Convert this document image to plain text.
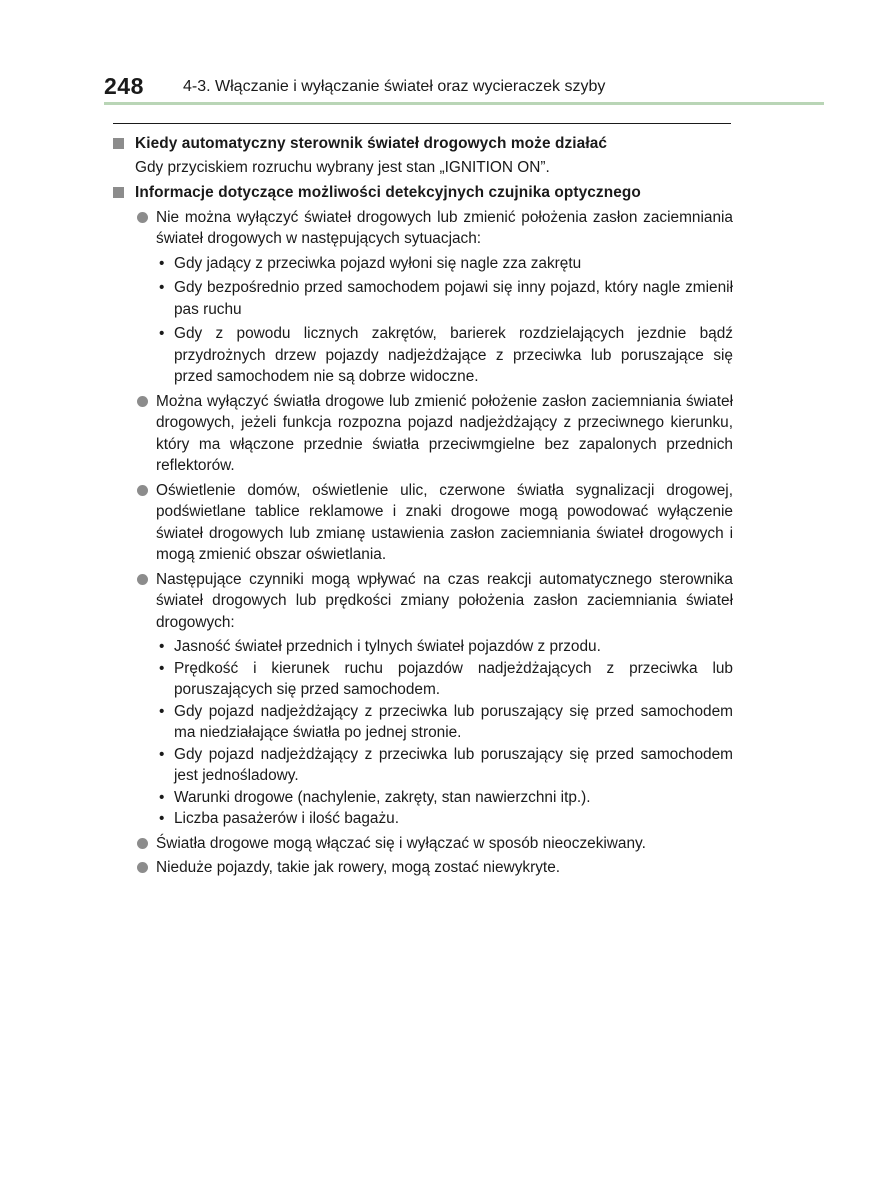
248 4-3. Włączanie i wyłączanie świateł oraz wycieraczek szyby
Kiedy automatyczny sterownik świateł drogowych może działać
Gdy przyciskiem rozruchu wybrany jest stan „IGNITION ON”.
Informacje dotyczące możliwości detekcyjnych czujnika optycznego
Nie można wyłączyć świateł drogowych lub zmienić położenia zasłon zaciemniania świateł drogowych w następujących sytuacjach:
• Gdy jadący z przeciwka pojazd wyłoni się nagle zza zakrętu
• Gdy bezpośrednio przed samochodem pojawi się inny pojazd, który nagle zmienił pas ruchu
• Gdy z powodu licznych zakrętów, barierek rozdzielających jezdnie bądź przydrożnych drzew pojazdy nadjeżdżające z przeciwka lub poruszające się przed samochodem nie są dobrze widoczne.
Można wyłączyć światła drogowe lub zmienić położenie zasłon zaciemniania świateł drogowych, jeżeli funkcja rozpozna pojazd nadjeżdżający z przeciwnego kierunku, który ma włączone przednie światła przeciwmgielne bez zapalonych przednich reflektorów.
Oświetlenie domów, oświetlenie ulic, czerwone światła sygnalizacji drogowej, podświetlane tablice reklamowe i znaki drogowe mogą powodować wyłączenie świateł drogowych lub zmianę ustawienia zasłon zaciemniania świateł drogowych i mogą zmienić obszar oświetlania.
Następujące czynniki mogą wpływać na czas reakcji automatycznego sterownika świateł drogowych lub prędkości zmiany położenia zasłon zaciemniania świateł drogowych:
• Jasność świateł przednich i tylnych świateł pojazdów z przodu.
• Prędkość i kierunek ruchu pojazdów nadjeżdżających z przeciwka lub poruszających się przed samochodem.
• Gdy pojazd nadjeżdżający z przeciwka lub poruszający się przed samochodem ma niedziałające światła po jednej stronie.
• Gdy pojazd nadjeżdżający z przeciwka lub poruszający się przed samochodem jest jednośladowy.
• Warunki drogowe (nachylenie, zakręty, stan nawierzchni itp.).
• Liczba pasażerów i ilość bagażu.
Światła drogowe mogą włączać się i wyłączać w sposób nieoczekiwany.
Nieduże pojazdy, takie jak rowery, mogą zostać niewykryte.
